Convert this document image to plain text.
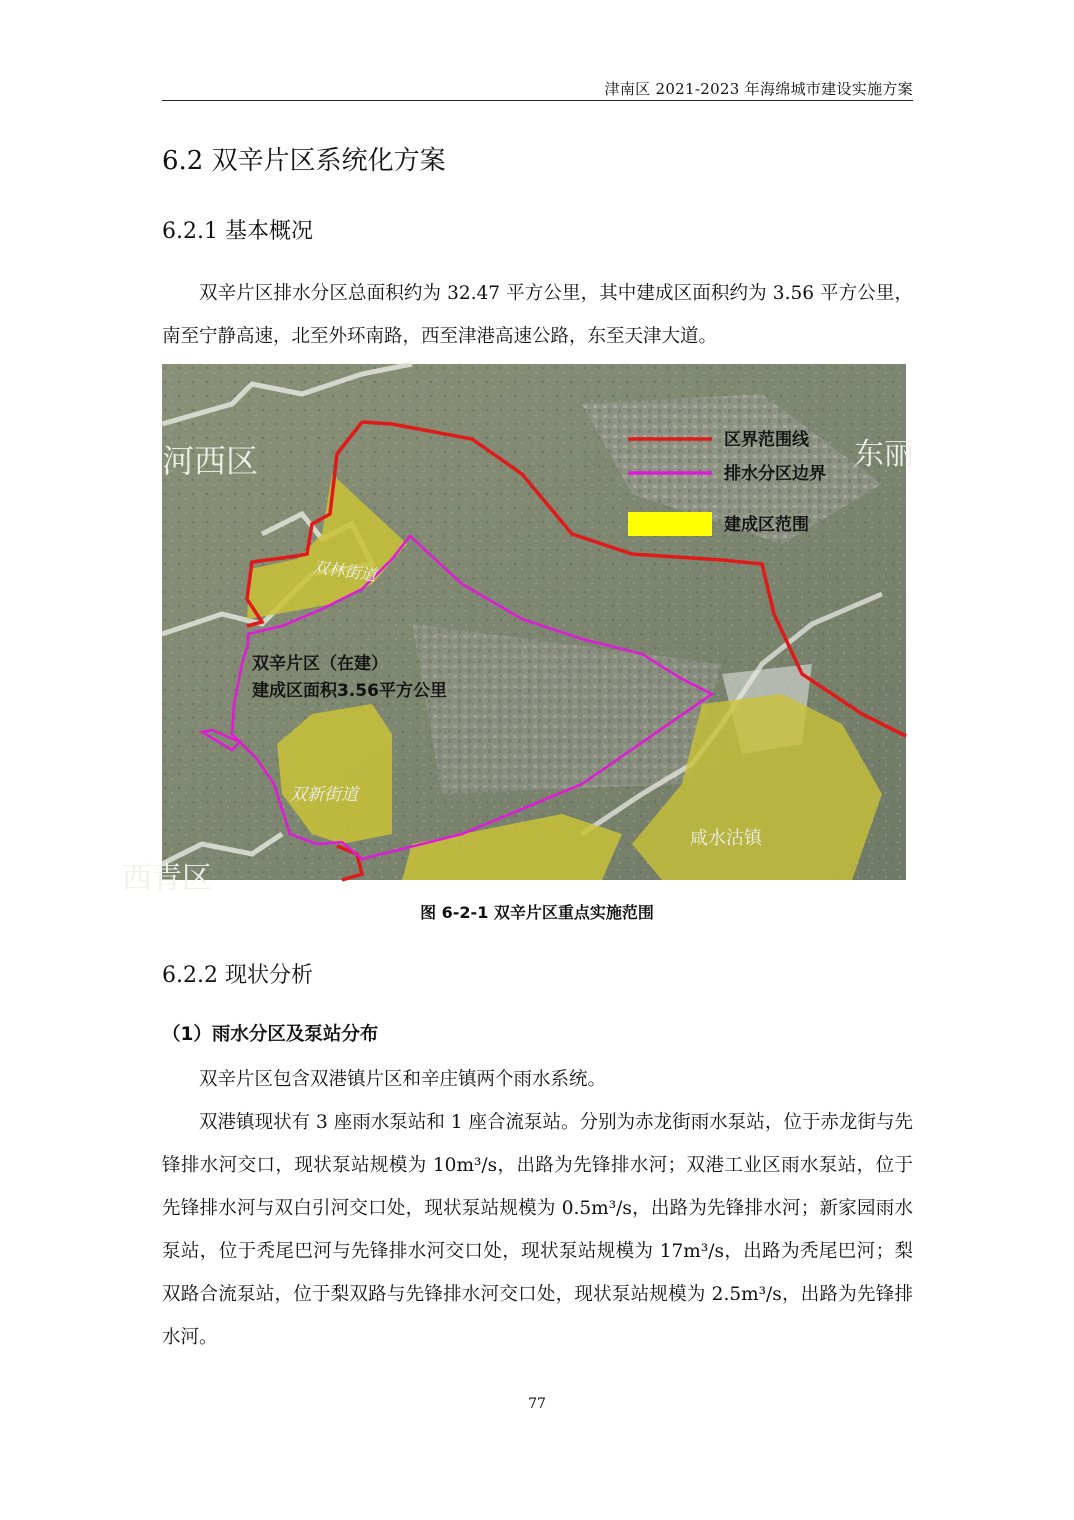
津南区 2021-2023 年海绵城市建设实施方案
6.2 双辛片区系统化方案
6.2.1 基本概况
双辛片区排水分区总面积约为 32.47 平方公里，其中建成区面积约为 3.56 平方公里，南至宁静高速，北至外环南路，西至津港高速公路，东至天津大道。
河西区	东丽
西青区
双林街道
双新街道
咸水沽镇
双辛片区（在建）
建成区面积3.56平方公里
区界范围线
排水分区边界
建成区范围
图 6-2-1 双辛片区重点实施范围
6.2.2 现状分析
（1）雨水分区及泵站分布
双辛片区包含双港镇片区和辛庄镇两个雨水系统。
双港镇现状有 3 座雨水泵站和 1 座合流泵站。分别为赤龙街雨水泵站，位于赤龙街与先锋排水河交口，现状泵站规模为 10m³/s，出路为先锋排水河；双港工业区雨水泵站，位于先锋排水河与双白引河交口处，现状泵站规模为 0.5m³/s，出路为先锋排水河；新家园雨水泵站，位于秃尾巴河与先锋排水河交口处，现状泵站规模为 17m³/s，出路为秃尾巴河；梨双路合流泵站，位于梨双路与先锋排水河交口处，现状泵站规模为 2.5m³/s，出路为先锋排水河。
77
